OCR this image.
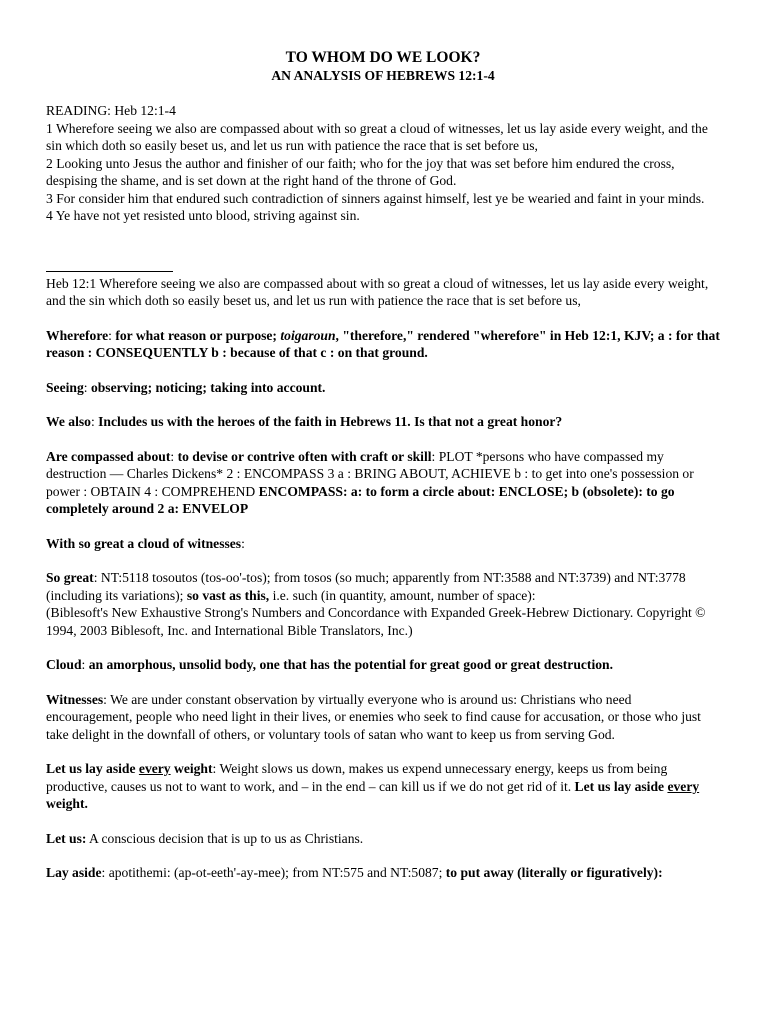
TO WHOM DO WE LOOK?

AN ANALYSIS OF HEBREWS 12:1-4

READING: Heb 12:1-4

1 Wherefore seeing we also are compassed about with so great a cloud of witnesses, let us lay aside every weight, and the sin which doth so easily beset us, and let us run with patience the race that is set before us,

2 Looking unto Jesus the author and finisher of our faith; who for the joy that was set before him endured the cross, despising the shame, and is set down at the right hand of the throne of God.

3 For consider him that endured such contradiction of sinners against himself, lest ye be wearied and faint in your minds.

4 Ye have not yet resisted unto blood, striving against sin.

Heb 12:1 Wherefore seeing we also are compassed about with so great a cloud of witnesses, let us lay aside every weight, and the sin which doth so easily beset us, and let us run with patience the race that is set before us,

Wherefore: for what reason or purpose; toigaroun, "therefore," rendered "wherefore" in Heb 12:1, KJV; a : for that reason : CONSEQUENTLY b : because of that c : on that ground.

Seeing: observing; noticing; taking into account.

We also: Includes us with the heroes of the faith in Hebrews 11. Is that not a great honor?

Are compassed about: to devise or contrive often with craft or skill: PLOT *persons who have compassed my destruction — Charles Dickens* 2 : ENCOMPASS 3 a : BRING ABOUT, ACHIEVE b : to get into one's possession or power : OBTAIN 4 : COMPREHEND ENCOMPASS: a: to form a circle about: ENCLOSE; b (obsolete): to go completely around 2 a: ENVELOP

With so great a cloud of witnesses:

So great: NT:5118 tosoutos (tos-oo'-tos); from tosos (so much; apparently from NT:3588 and NT:3739) and NT:3778 (including its variations); so vast as this, i.e. such (in quantity, amount, number of space):
(Biblesoft's New Exhaustive Strong's Numbers and Concordance with Expanded Greek-Hebrew Dictionary. Copyright © 1994, 2003 Biblesoft, Inc. and International Bible Translators, Inc.)

Cloud: an amorphous, unsolid body, one that has the potential for great good or great destruction.

Witnesses: We are under constant observation by virtually everyone who is around us: Christians who need encouragement, people who need light in their lives, or enemies who seek to find cause for accusation, or those who just take delight in the downfall of others, or voluntary tools of satan who want to keep us from serving God.

Let us lay aside every weight: Weight slows us down, makes us expend unnecessary energy, keeps us from being productive, causes us not to want to work, and – in the end – can kill us if we do not get rid of it. Let us lay aside every weight.

Let us: A conscious decision that is up to us as Christians.

Lay aside: apotithemi: (ap-ot-eeth'-ay-mee); from NT:575 and NT:5087; to put away (literally or figuratively):
